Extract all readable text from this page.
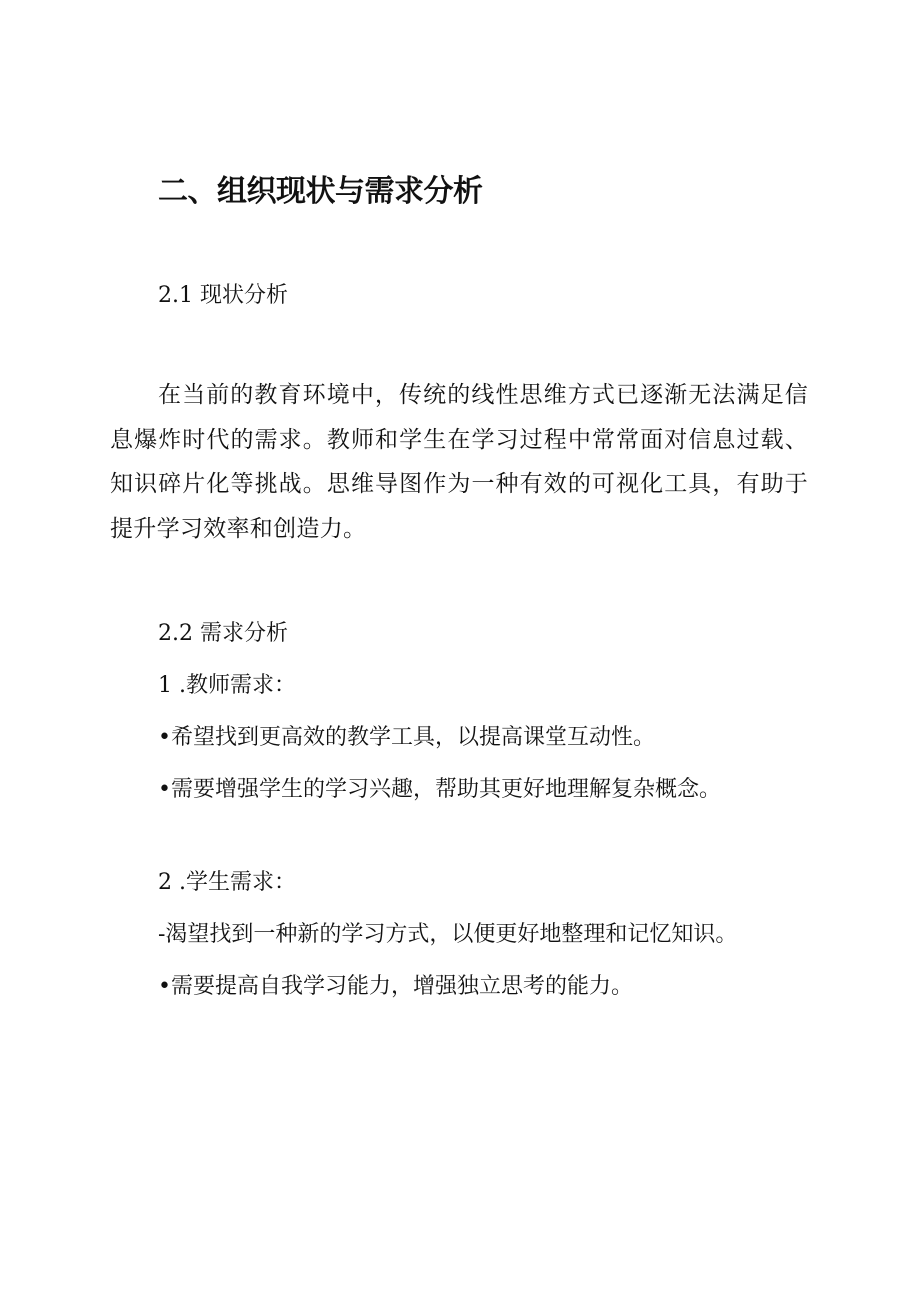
二、组织现状与需求分析
2.1 现状分析
在当前的教育环境中，传统的线性思维方式已逐渐无法满足信息爆炸时代的需求。教师和学生在学习过程中常常面对信息过载、知识碎片化等挑战。思维导图作为一种有效的可视化工具，有助于提升学习效率和创造力。
2.2 需求分析
1 .教师需求：
•希望找到更高效的教学工具，以提高课堂互动性。
•需要增强学生的学习兴趣，帮助其更好地理解复杂概念。
2 .学生需求：
-渴望找到一种新的学习方式，以便更好地整理和记忆知识。
•需要提高自我学习能力，增强独立思考的能力。
